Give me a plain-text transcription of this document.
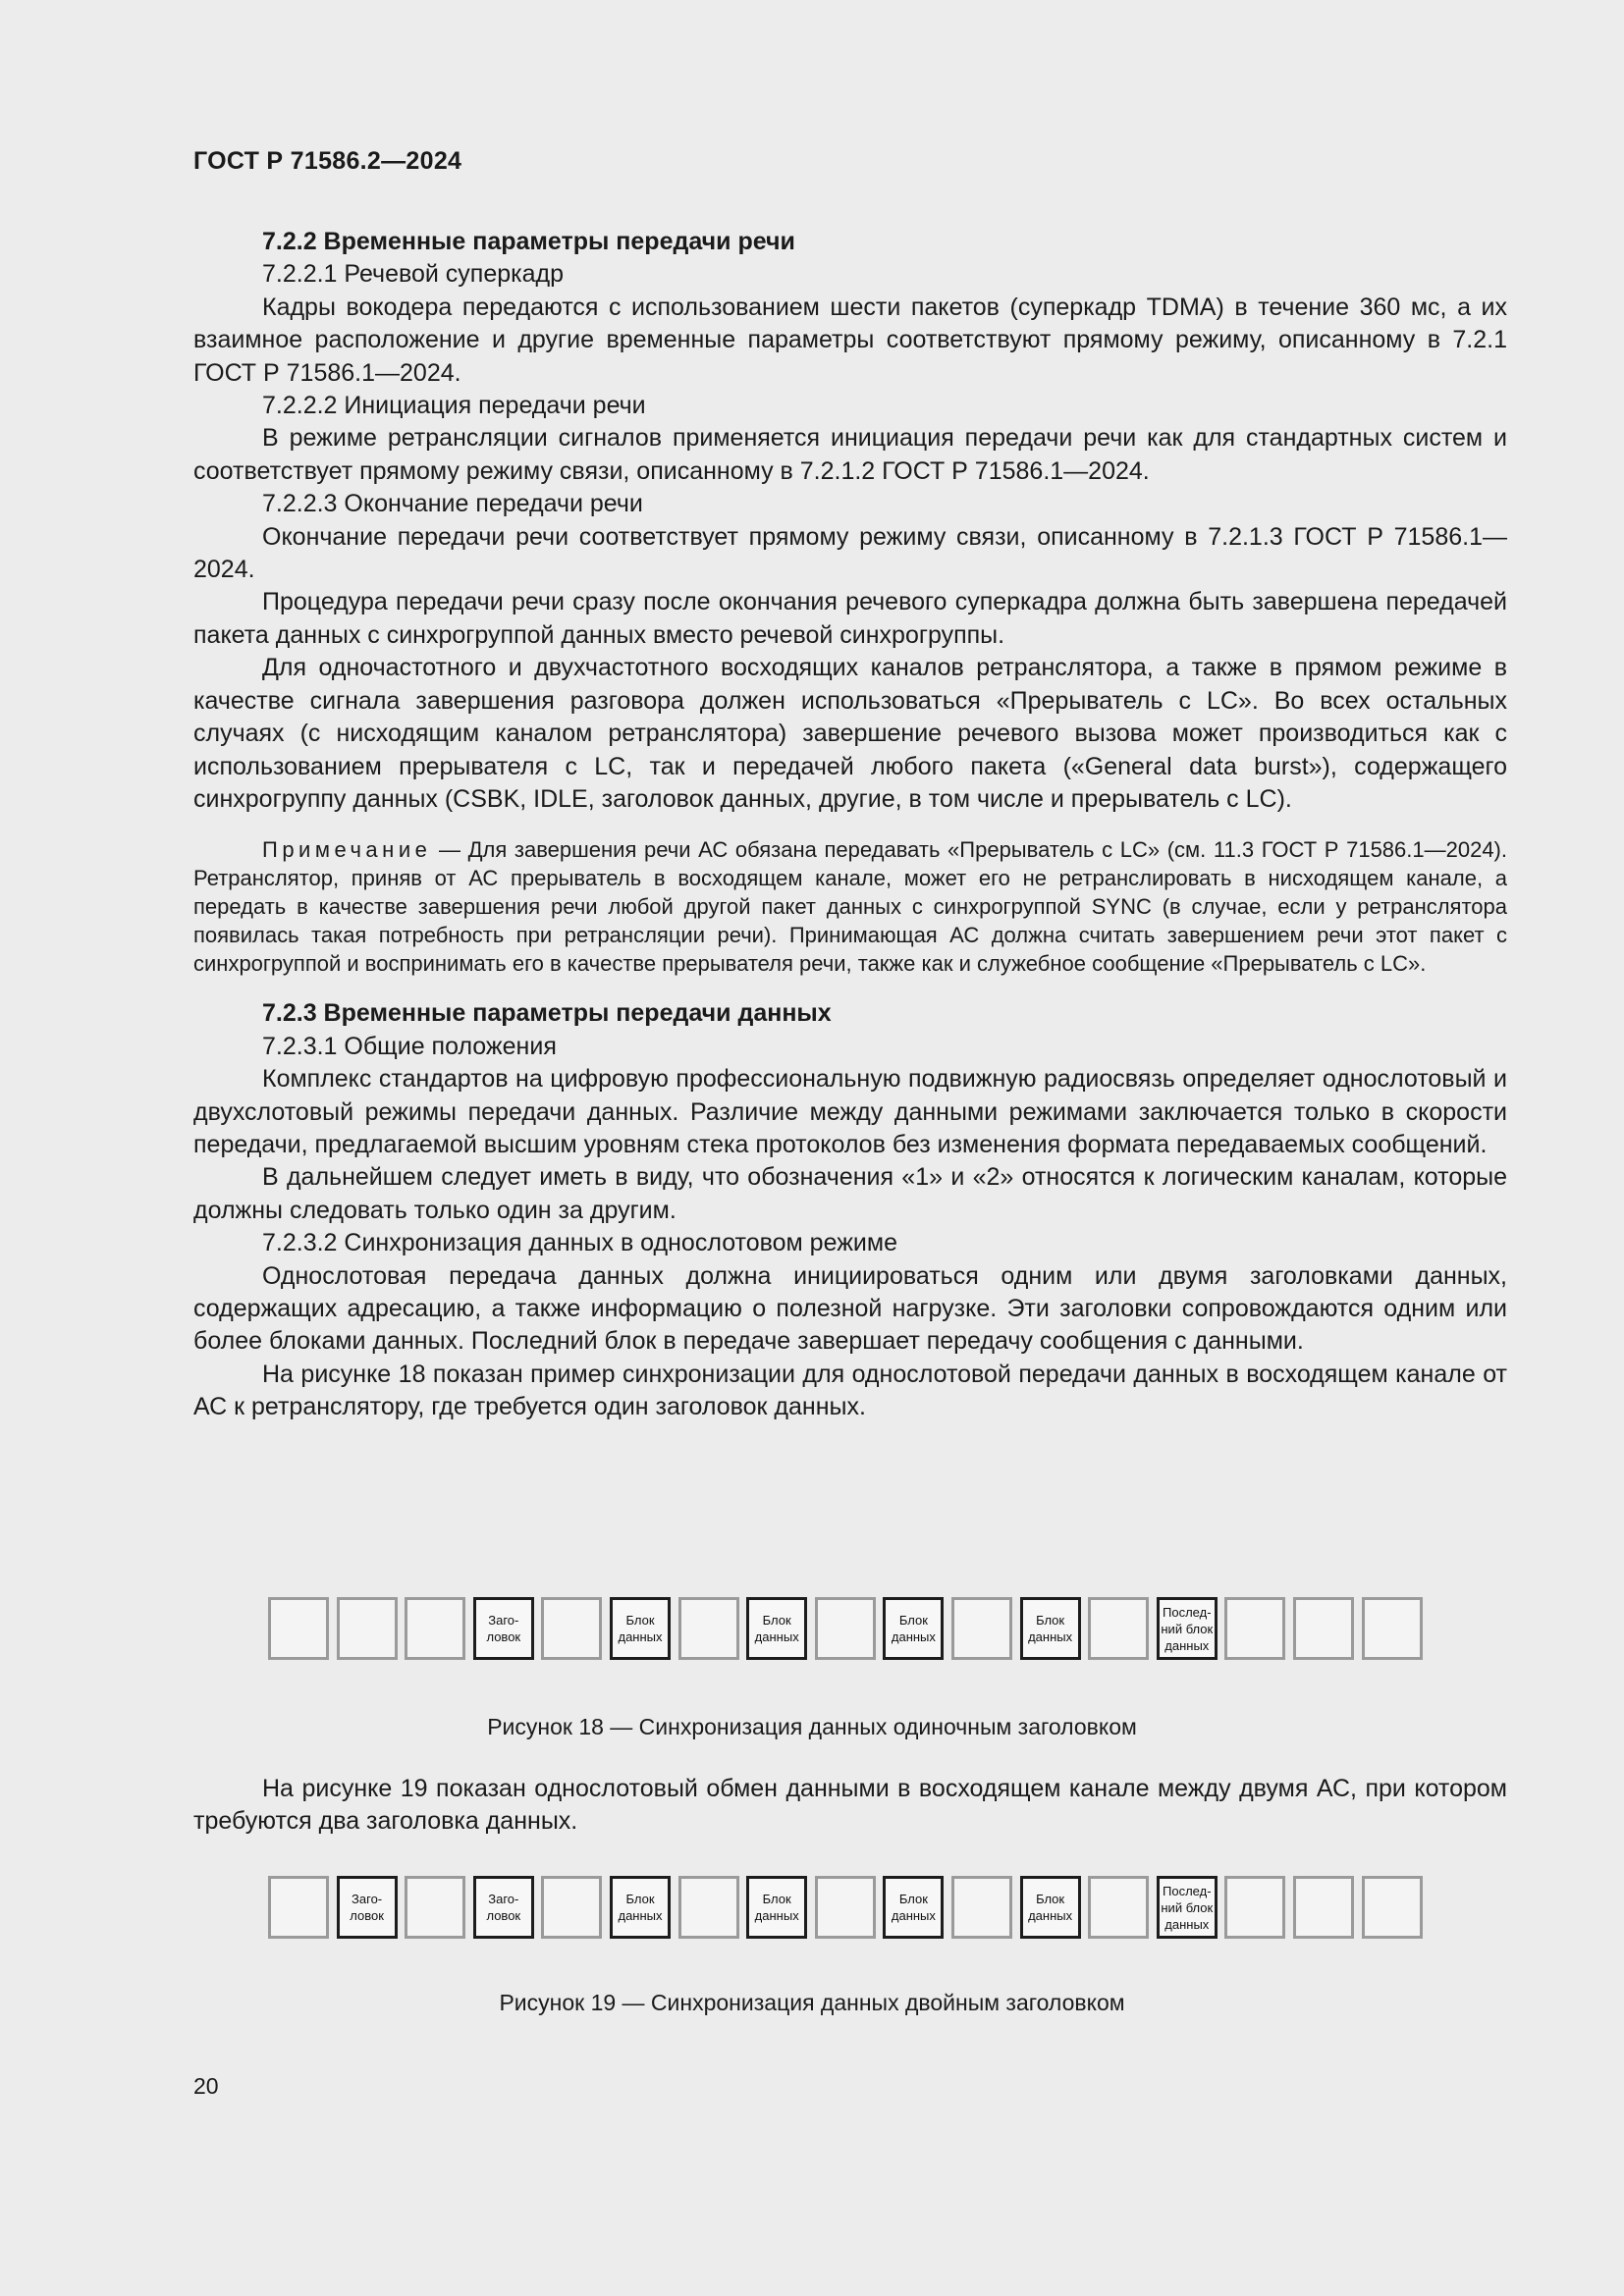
ГОСТ Р 71586.2—2024

7.2.2 Временные параметры передачи речи

7.2.2.1 Речевой суперкадр

Кадры вокодера передаются с использованием шести пакетов (суперкадр TDMA) в течение 360 мс, а их взаимное расположение и другие временные параметры соответствуют прямому режиму, описанному в 7.2.1 ГОСТ Р 71586.1—2024.

7.2.2.2 Инициация передачи речи

В режиме ретрансляции сигналов применяется инициация передачи речи как для стандартных систем и соответствует прямому режиму связи, описанному в 7.2.1.2 ГОСТ Р 71586.1—2024.

7.2.2.3 Окончание передачи речи

Окончание передачи речи соответствует прямому режиму связи, описанному в 7.2.1.3 ГОСТ Р 71586.1—2024.

Процедура передачи речи сразу после окончания речевого суперкадра должна быть завершена передачей пакета данных с синхрогруппой данных вместо речевой синхрогруппы.

Для одночастотного и двухчастотного восходящих каналов ретранслятора, а также в прямом режиме в качестве сигнала завершения разговора должен использоваться «Прерыватель с LC». Во всех остальных случаях (с нисходящим каналом ретранслятора) завершение речевого вызова может производиться как с использованием прерывателя с LC, так и передачей любого пакета («General data burst»), содержащего синхрогруппу данных (CSBK, IDLE, заголовок данных, другие, в том числе и прерыватель с LC).

Примечание — Для завершения речи АС обязана передавать «Прерыватель с LC» (см. 11.3 ГОСТ Р 71586.1—2024). Ретранслятор, приняв от АС прерыватель в восходящем канале, может его не ретранслировать в нисходящем канале, а передать в качестве завершения речи любой другой пакет данных с синхрогруппой SYNC (в случае, если у ретранслятора появилась такая потребность при ретрансляции речи). Принимающая АС должна считать завершением речи этот пакет с синхрогруппой и воспринимать его в качестве прерывателя речи, также как и служебное сообщение «Прерыватель с LC».

7.2.3 Временные параметры передачи данных

7.2.3.1 Общие положения

Комплекс стандартов на цифровую профессиональную подвижную радиосвязь определяет однослотовый и двухслотовый режимы передачи данных. Различие между данными режимами заключается только в скорости передачи, предлагаемой высшим уровням стека протоколов без изменения формата передаваемых сообщений.

В дальнейшем следует иметь в виду, что обозначения «1» и «2» относятся к логическим каналам, которые должны следовать только один за другим.

7.2.3.2 Синхронизация данных в однослотовом режиме

Однослотовая передача данных должна инициироваться одним или двумя заголовками данных, содержащих адресацию, а также информацию о полезной нагрузке. Эти заголовки сопровождаются одним или более блоками данных. Последний блок в передаче завершает передачу сообщения с данными.

На рисунке 18 показан пример синхронизации для однослотовой передачи данных в восходящем канале от АС к ретранслятору, где требуется один заголовок данных.

Заго-
ловок
Блок
данных
Блок
данных
Блок
данных
Блок
данных
Послед-
ний блок
данных
Рисунок 18 — Синхронизация данных одиночным заголовком

На рисунке 19 показан однослотовый обмен данными в восходящем канале между двумя АС, при котором требуются два заголовка данных.

Заго-
ловок
Заго-
ловок
Блок
данных
Блок
данных
Блок
данных
Блок
данных
Послед-
ний блок
данных
Рисунок 19 — Синхронизация данных двойным заголовком
20
